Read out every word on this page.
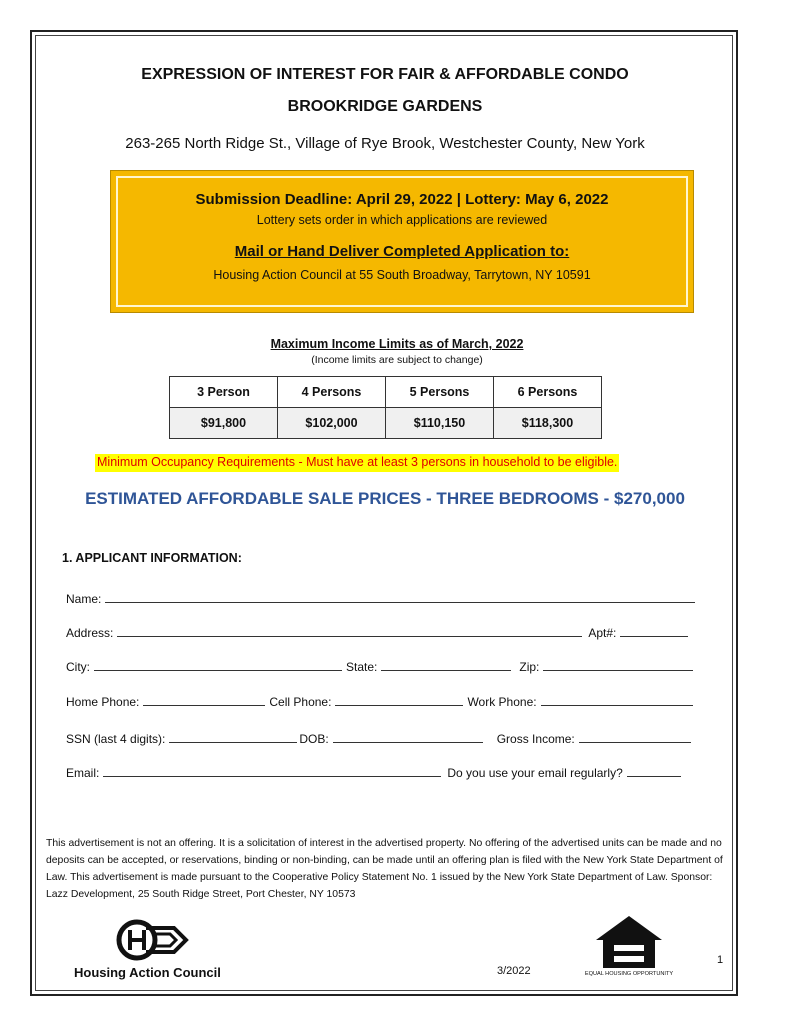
EXPRESSION OF INTEREST FOR FAIR & AFFORDABLE CONDO
BROOKRIDGE GARDENS
263-265 North Ridge St., Village of Rye Brook, Westchester County, New York
Submission Deadline: April 29, 2022 | Lottery: May 6, 2022
Lottery sets order in which applications are reviewed
Mail or Hand Deliver Completed Application to:
Housing Action Council at 55 South Broadway, Tarrytown, NY 10591
Maximum Income Limits as of March, 2022
(Income limits are subject to change)
3 Person	4 Persons	5 Persons	6 Persons
$91,800	$102,000	$110,150	$118,300
Minimum Occupancy Requirements - Must have at least 3 persons in household to be eligible.
ESTIMATED AFFORDABLE SALE PRICES - THREE BEDROOMS - $270,000
1. APPLICANT INFORMATION:
Name:
Address:	Apt#:
City:	State:	Zip:
Home Phone:	Cell Phone:	Work Phone:
SSN (last 4 digits):	DOB:	Gross Income:
Email:	Do you use your email regularly?
This advertisement is not an offering. It is a solicitation of interest in the advertised property. No offering of the advertised units can be made and no deposits can be accepted, or reservations, binding or non-binding, can be made until an offering plan is filed with the New York State Department of Law. This advertisement is made pursuant to the Cooperative Policy Statement No. 1 issued by the New York State Department of Law. Sponsor: Lazz Development, 25 South Ridge Street, Port Chester, NY 10573
Housing Action Council	3/2022	EQUAL HOUSING OPPORTUNITY
1
